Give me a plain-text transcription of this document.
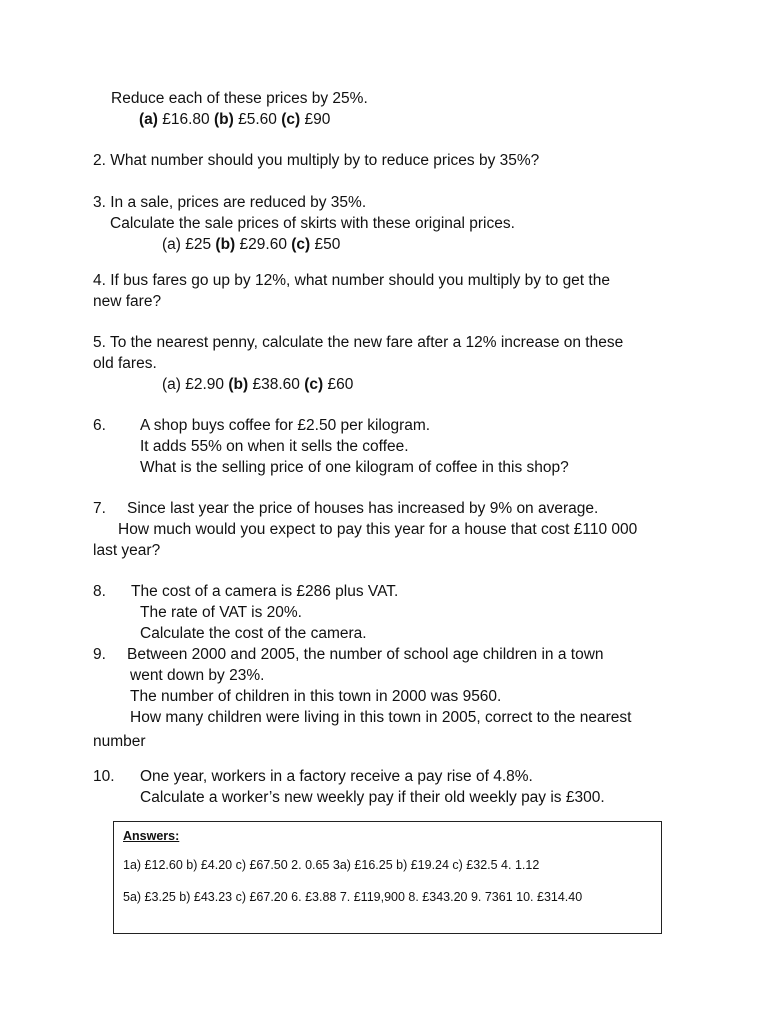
Reduce each of these prices by 25%.
(a) £16.80 (b) £5.60 (c) £90
2. What number should you multiply by to reduce prices by 35%?
3. In a sale, prices are reduced by 35%.
Calculate the sale prices of skirts with these original prices.
(a) £25 (b) £29.60 (c) £50
4. If bus fares go up by 12%, what number should you multiply by to get the
new fare?
5. To the nearest penny, calculate the new fare after a 12% increase on these
old fares.
(a) £2.90 (b) £38.60 (c) £60
6. A shop buys coffee for £2.50 per kilogram.
It adds 55% on when it sells the coffee.
What is the selling price of one kilogram of coffee in this shop?
7. Since last year the price of houses has increased by 9% on average.
How much would you expect to pay this year for a house that cost £110 000
last year?
8. The cost of a camera is £286 plus VAT.
The rate of VAT is 20%.
Calculate the cost of the camera.
9. Between 2000 and 2005, the number of school age children in a town
went down by 23%.
The number of children in this town in 2000 was 9560.
How many children were living in this town in 2005, correct to the nearest
number
10. One year, workers in a factory receive a pay rise of 4.8%.
Calculate a worker’s new weekly pay if their old weekly pay is £300.
Answers:
1a) £12.60 b) £4.20 c) £67.50 2. 0.65 3a) £16.25 b) £19.24 c) £32.5 4. 1.12
5a) £3.25 b) £43.23 c) £67.20 6. £3.88 7. £119,900 8. £343.20 9. 7361 10. £314.40
